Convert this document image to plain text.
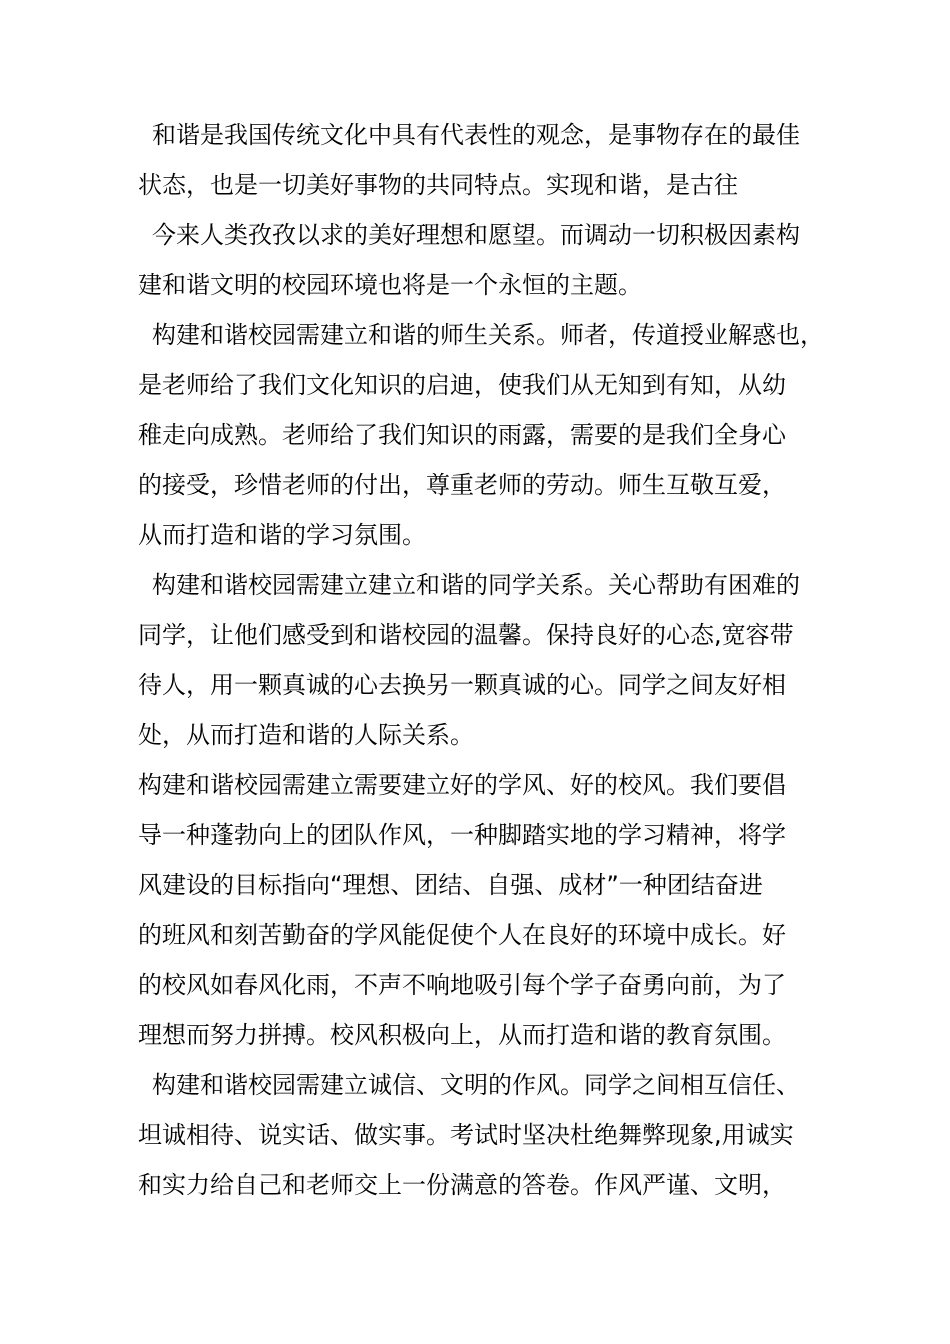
和谐是我国传统文化中具有代表性的观念，是事物存在的最佳
状态，也是一切美好事物的共同特点。实现和谐，是古往
今来人类孜孜以求的美好理想和愿望。而调动一切积极因素构
建和谐文明的校园环境也将是一个永恒的主题。
构建和谐校园需建立和谐的师生关系。师者，传道授业解惑也，
是老师给了我们文化知识的启迪，使我们从无知到有知，从幼
稚走向成熟。老师给了我们知识的雨露，需要的是我们全身心
的接受，珍惜老师的付出，尊重老师的劳动。师生互敬互爱，
从而打造和谐的学习氛围。
构建和谐校园需建立建立和谐的同学关系。关心帮助有困难的
同学，让他们感受到和谐校园的温馨。保持良好的心态,宽容带
待人，用一颗真诚的心去换另一颗真诚的心。同学之间友好相
处，从而打造和谐的人际关系。
构建和谐校园需建立需要建立好的学风、好的校风。我们要倡
导一种蓬勃向上的团队作风，一种脚踏实地的学习精神，将学
风建设的目标指向“理想、团结、自强、成材”一种团结奋进
的班风和刻苦勤奋的学风能促使个人在良好的环境中成长。好
的校风如春风化雨，不声不响地吸引每个学子奋勇向前，为了
理想而努力拼搏。校风积极向上，从而打造和谐的教育氛围。
构建和谐校园需建立诚信、文明的作风。同学之间相互信任、
坦诚相待、说实话、做实事。考试时坚决杜绝舞弊现象,用诚实
和实力给自己和老师交上一份满意的答卷。作风严谨、文明，
